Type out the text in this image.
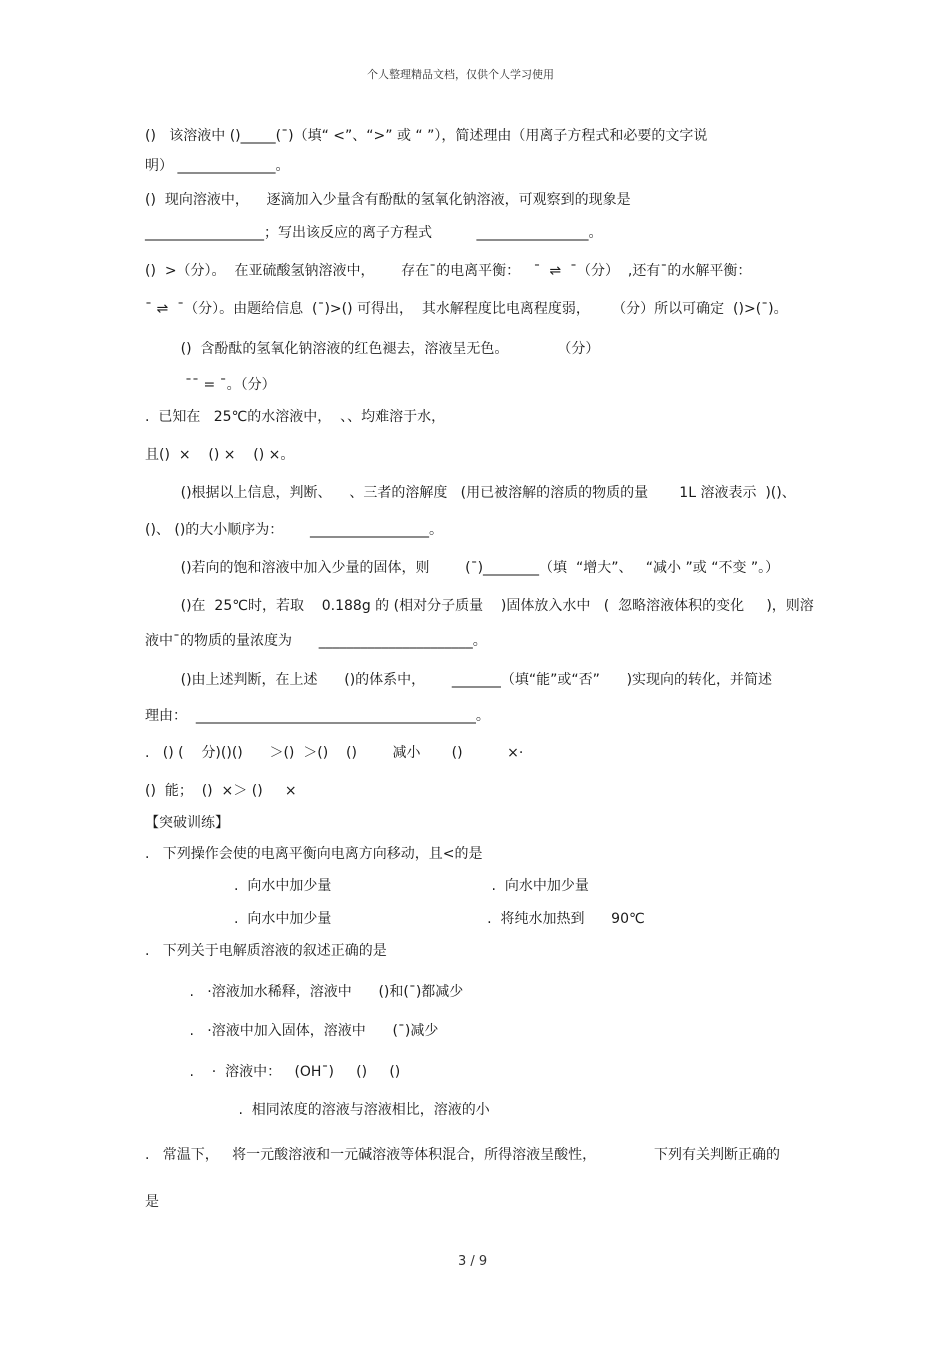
个人整理精品文档，仅供个人学习使用
()   该溶液中 ()_____(¯)（填“ <”、“>” 或 “ ”），简述理由（用离子方程式和必要的文字说
明） ______________。
()  现向溶液中，    逐滴加入少量含有酚酞的氢氧化钠溶液，可观察到的现象是
_________________；写出该反应的离子方程式          ________________。
()  >（分）。  在亚硫酸氢钠溶液中，      存在¯的电离平衡：   ¯  ⇌  ¯（分）  ,还有¯的水解平衡：
¯ ⇌  ¯（分）。由题给信息  (¯)>() 可得出，  其水解程度比电离程度弱，     （分）所以可确定  ()>(¯)。
()  含酚酞的氢氧化钠溶液的红色褪去，溶液呈无色。           （分）
¯¯ = ¯。（分）
.  已知在   25℃的水溶液中，  、、均难溶于水，
且()  ×    () ×    () ×。
()根据以上信息，判断、    、三者的溶解度   (用已被溶解的溶质的物质的量       1L 溶液表示  )()、
()、 ()的大小顺序为：      _________________。
()若向的饱和溶液中加入少量的固体，则        (¯)________（填  “增大”、   “减小 ”或 “不变 ”。）
()在  25℃时，若取    0.188g 的 (相对分子质量    )固体放入水中   (  忽略溶液体积的变化     )，则溶
液中¯的物质的量浓度为      ______________________。
()由上述判断，在上述      ()的体系中，      _______（填“能”或“否”      )实现向的转化，并简述
理由：  ________________________________________。
.   () (    分)()()      ＞()  ＞()    ()        减小       ()          ×·
()  能；  ()  ×＞ ()     ×
【突破训练】
.   下列操作会使的电离平衡向电离方向移动，且<的是
.  向水中加少量                                    .  向水中加少量
.  向水中加少量                                   .  将纯水加热到      90℃
.   下列关于电解质溶液的叙述正确的是
.   ·溶液加水稀释，溶液中      ()和(¯)都减少
.   ·溶液中加入固体，溶液中      (¯)减少
.    ·  溶液中：   (OH¯)     ()     ()
.  相同浓度的溶液与溶液相比，溶液的小
.   常温下，   将一元酸溶液和一元碱溶液等体积混合，所得溶液呈酸性，             下列有关判断正确的
是
3 / 9
